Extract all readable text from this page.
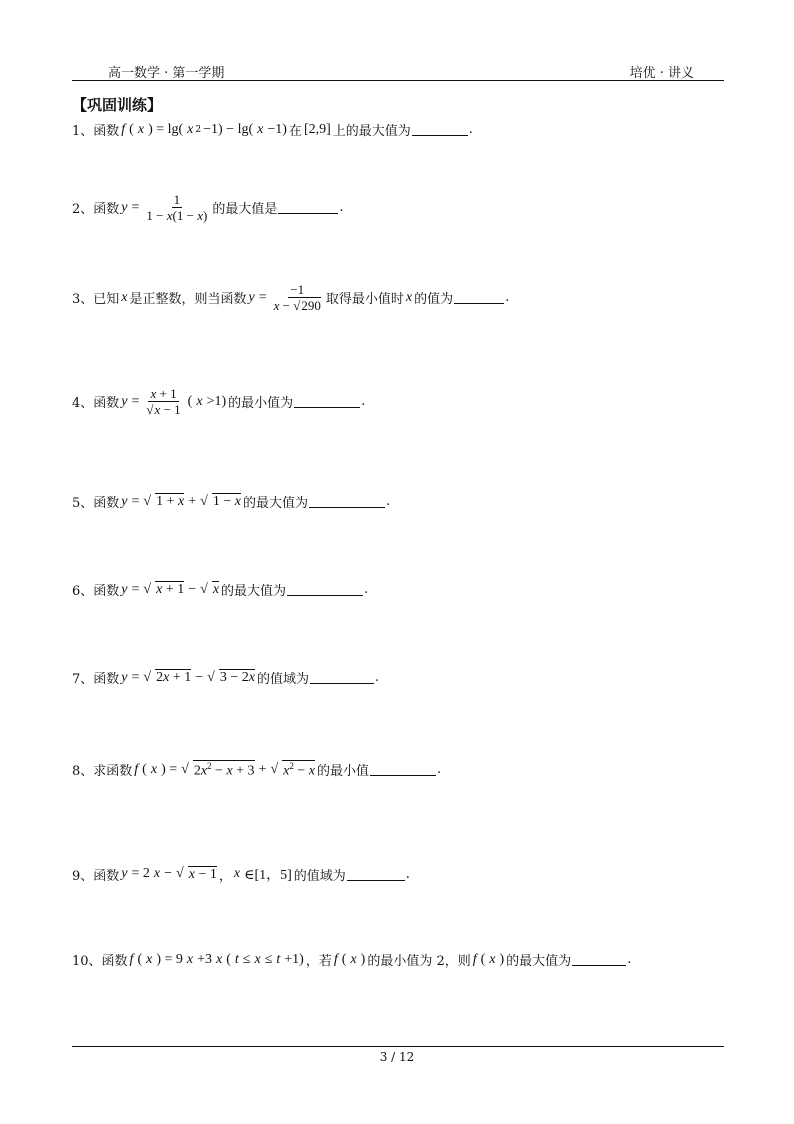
高一数学 · 第一学期	培优 · 讲义
【巩固训练】
1、函数 f ( x ) = lg( x 2 −1) − lg( x −1) 在 [2,9] 上的最大值为	.
2、函数 $y = \frac{1}{1 - x(1 - x)}$ 的最大值是	.
3、已知 x 是正整数，则当函数 $y = \frac{-1}{x - √ 290}$ 取得最小值时 x 的值为	.
4、函数 y = x + 1
√ x − 1 ( x >1) 的最小值为	.
5、函数 y = √ 1 + x + √ 1 − x 的最大值为	.
6、函数 y = √ x + 1 − √ x 的最大值为	.
7、函数 y = √ 2x + 1 − √ 3 − 2x 的值域为	.
8、求函数 f ( x ) = √ $2x^2 - x + 3$ + √ $x^2 - x$ 的最小值	.
9、函数 y = 2 x − √ x − 1 ， x ∈[1，5] 的值域为	.
10、函数 f ( x ) = 9 x +3 x ( t ≤ x ≤ t +1) ，若 f ( x ) 的最小值为 2，则 f ( x ) 的最大值为	.
3 / 12
